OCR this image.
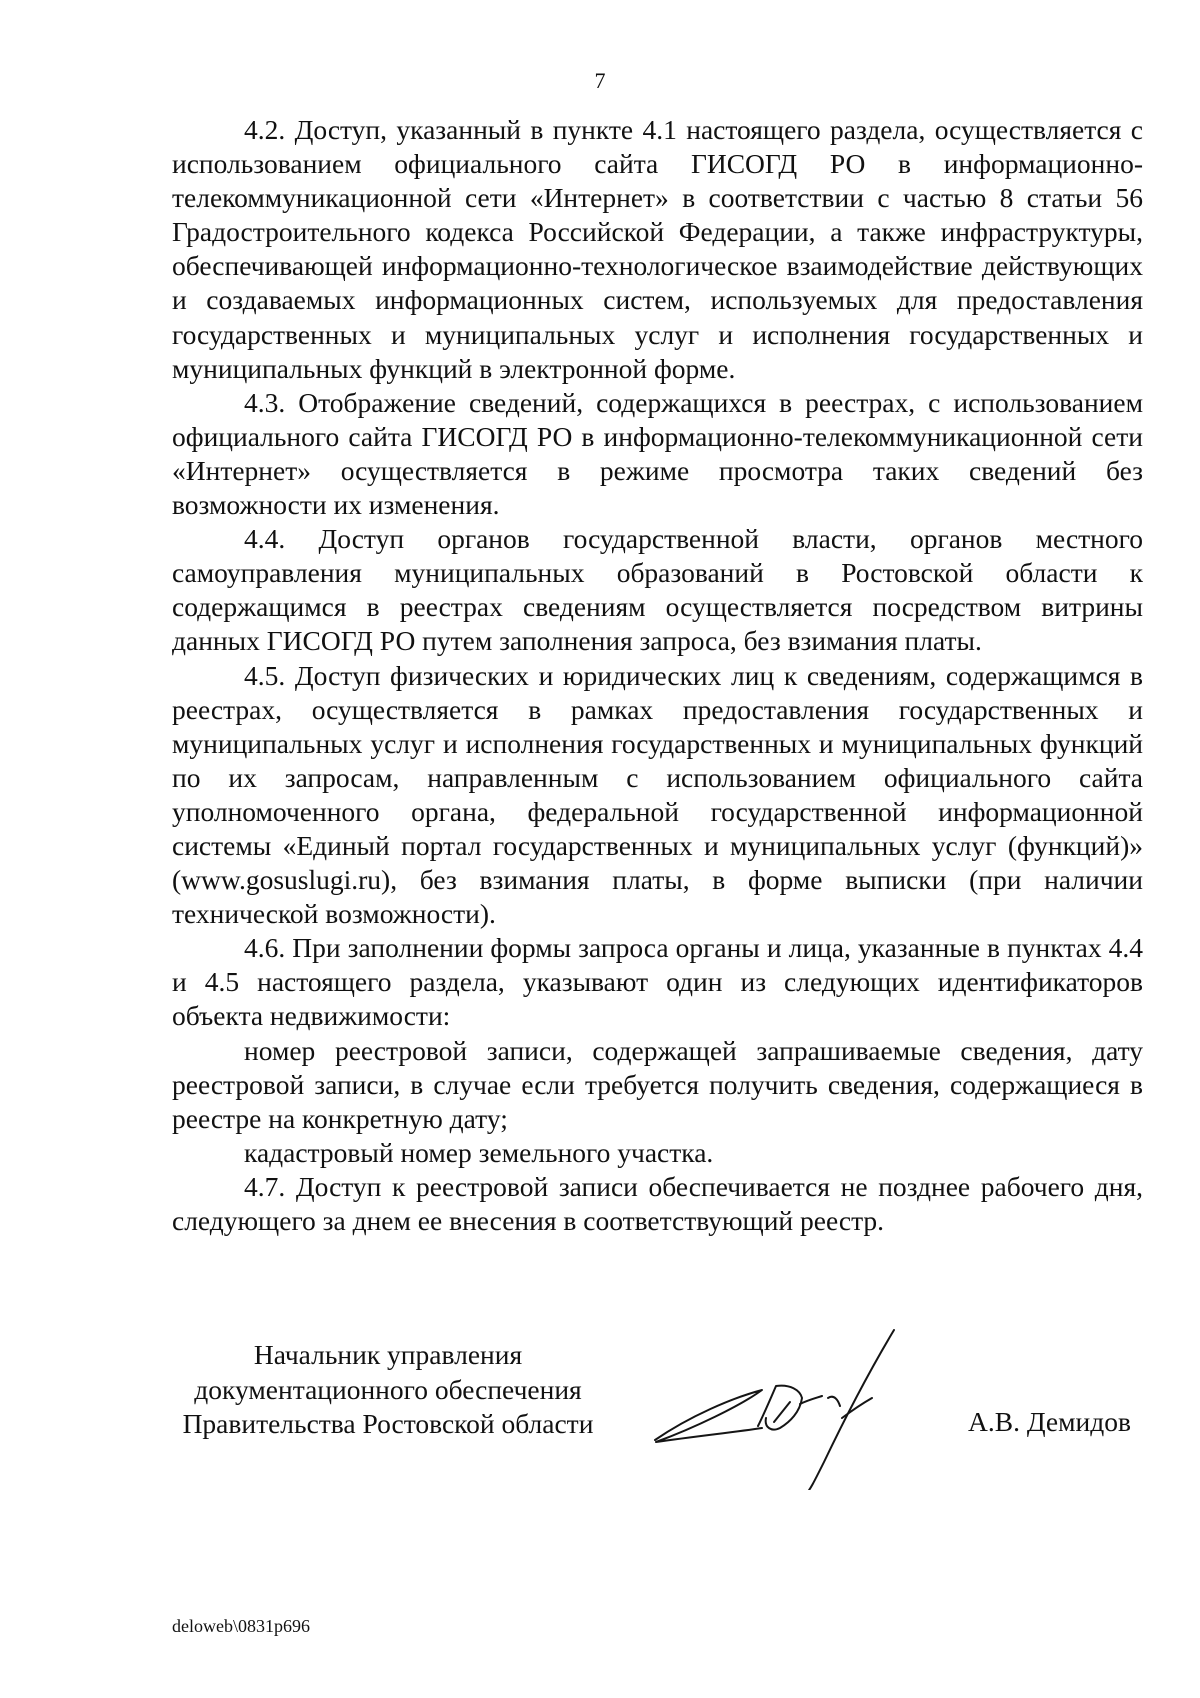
7

4.2. Доступ, указанный в пункте 4.1 настоящего раздела, осуществляется с использованием официального сайта ГИСОГД РО в информационно-телекоммуникационной сети «Интернет» в соответствии с частью 8 статьи 56 Градостроительного кодекса Российской Федерации, а также инфраструктуры, обеспечивающей информационно-технологическое взаимодействие действующих и создаваемых информационных систем, используемых для предоставления государственных и муниципальных услуг и исполнения государственных и муниципальных функций в электронной форме.

4.3. Отображение сведений, содержащихся в реестрах, с использованием официального сайта ГИСОГД РО в информационно-телекоммуникационной сети «Интернет» осуществляется в режиме просмотра таких сведений без возможности их изменения.

4.4. Доступ органов государственной власти, органов местного самоуправления муниципальных образований в Ростовской области к содержащимся в реестрах сведениям осуществляется посредством витрины данных ГИСОГД РО путем заполнения запроса, без взимания платы.

4.5. Доступ физических и юридических лиц к сведениям, содержащимся в реестрах, осуществляется в рамках предоставления государственных и муниципальных услуг и исполнения государственных и муниципальных функций по их запросам, направленным с использованием официального сайта уполномоченного органа, федеральной государственной информационной системы «Единый портал государственных и муниципальных услуг (функций)» (www.gosuslugi.ru), без взимания платы, в форме выписки (при наличии технической возможности).

4.6. При заполнении формы запроса органы и лица, указанные в пунктах 4.4 и 4.5 настоящего раздела, указывают один из следующих идентификаторов объекта недвижимости:

номер реестровой записи, содержащей запрашиваемые сведения, дату реестровой записи, в случае если требуется получить сведения, содержащиеся в реестре на конкретную дату;

кадастровый номер земельного участка.

4.7. Доступ к реестровой записи обеспечивается не позднее рабочего дня, следующего за днем ее внесения в соответствующий реестр.

Начальник управления
документационного обеспечения
Правительства Ростовской области	А.В. Демидов
deloweb\0831p696
